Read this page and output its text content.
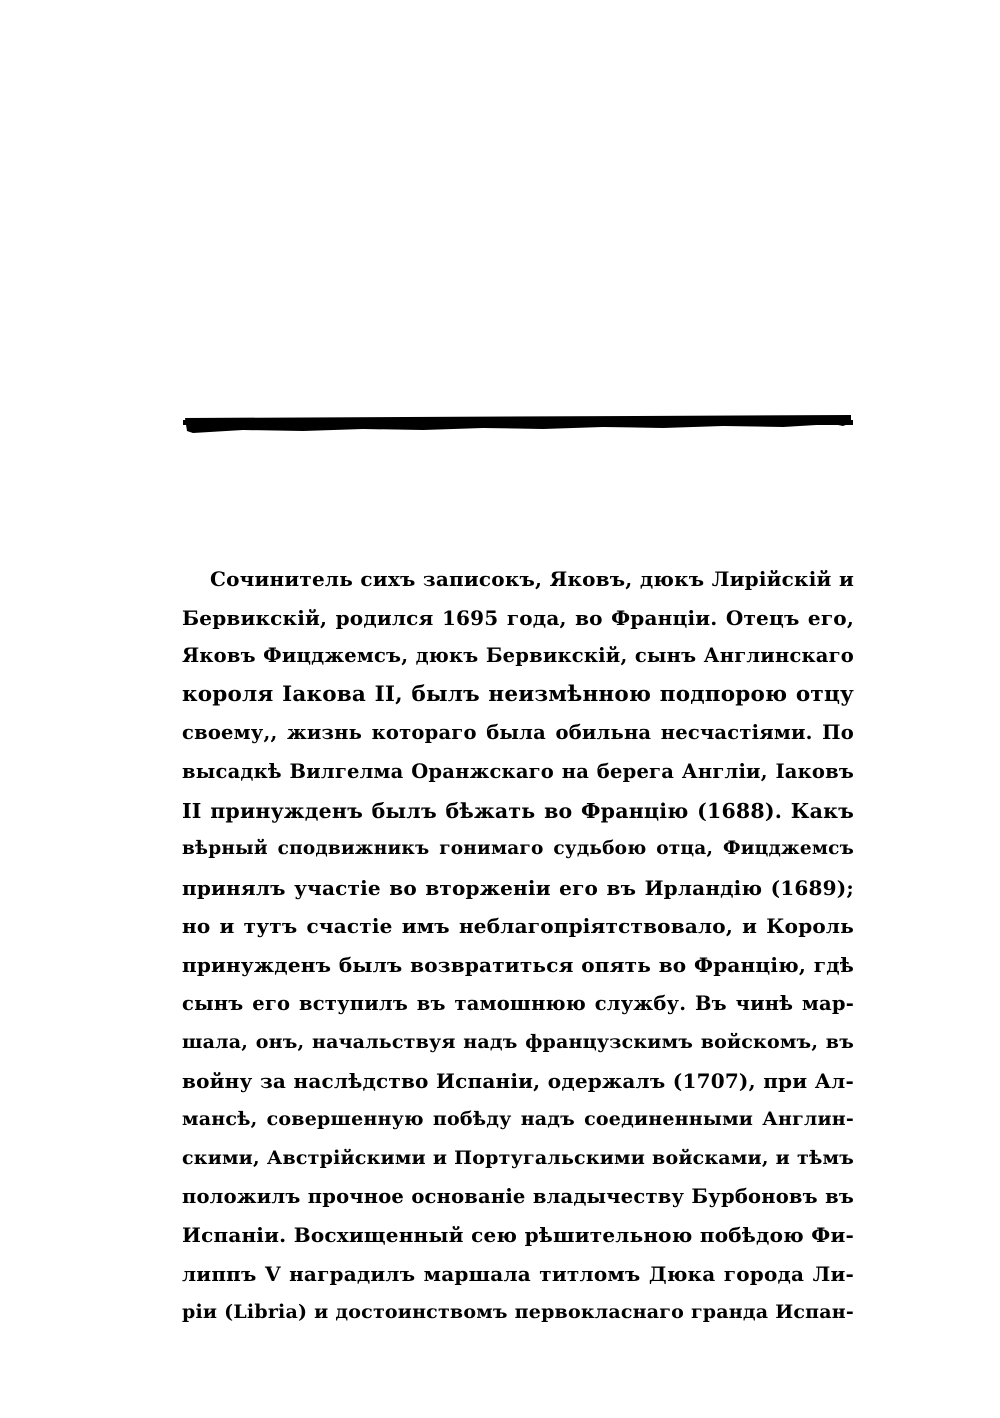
Сочинитель сихъ записокъ, Яковъ, дюкъ Лирійскій и
Бервикскій, родился 1695 года, во Франціи. Отецъ его,
Яковъ Фицджемсъ, дюкъ Бервикскій, сынъ Англинскаго
короля Іакова II, былъ неизмѣнною подпорою отцу
своему,, жизнь котораго была обильна несчастіями. По
высадкѣ Вилгелма Оранжскаго на берега Англіи, Іаковъ
II принужденъ былъ бѣжать во Францію (1688). Какъ
вѣрный сподвижникъ гонимаго судьбою отца, Фицджемсъ
принялъ участіе во вторженіи его въ Ирландію (1689);
но и тутъ счастіе имъ неблагопріятствовало, и Король
принужденъ былъ возвратиться опять во Францію, гдѣ
сынъ его вступилъ въ тамошнюю службу. Въ чинѣ мар-
шала, онъ, начальствуя надъ французскимъ войскомъ, въ
войну за наслѣдство Испаніи, одержалъ (1707), при Ал-
мансѣ, совершенную побѣду надъ соединенными Англин-
скими, Австрійскими и Португальскими войсками, и тѣмъ
положилъ прочное основаніе владычеству Бурбоновъ въ
Испаніи. Восхищенный сею рѣшительною побѣдою Фи-
липпъ V наградилъ маршала титломъ Дюка города Ли-
ріи (Libria) и достоинствомъ первокласнаго гранда Испан-
